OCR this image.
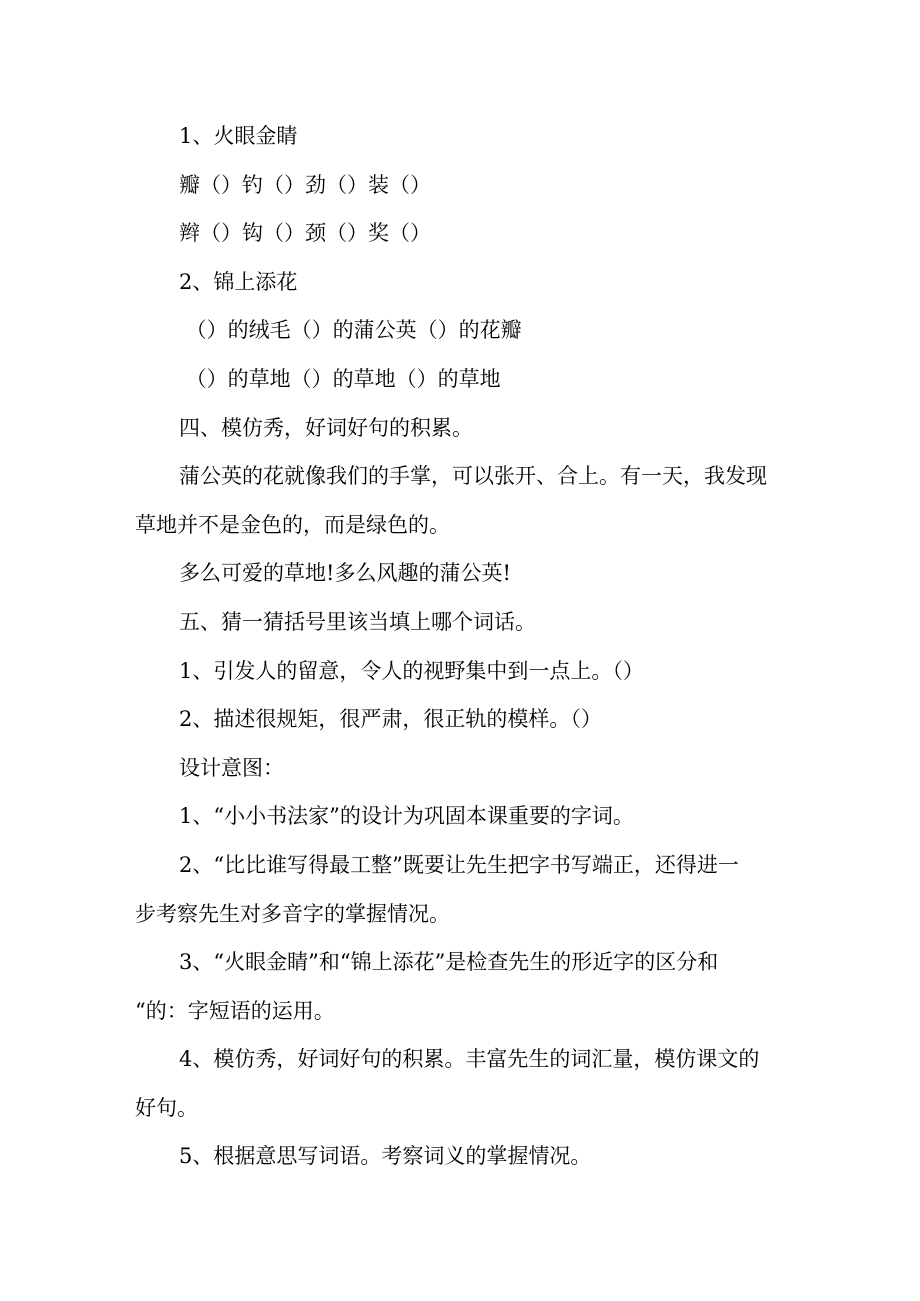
1、火眼金睛
瓣（）钓（）劲（）装（）
辫（）钩（）颈（）奖（）
2、锦上添花
（）的绒毛（）的蒲公英（）的花瓣
（）的草地（）的草地（）的草地
四、模仿秀，好词好句的积累。
蒲公英的花就像我们的手掌，可以张开、合上。有一天，我发现
草地并不是金色的，而是绿色的。
多么可爱的草地!多么风趣的蒲公英!
五、猜一猜括号里该当填上哪个词话。
1、引发人的留意，令人的视野集中到一点上。（）
2、描述很规矩，很严肃，很正轨的模样。（）
设计意图：
1、“小小书法家”的设计为巩固本课重要的字词。
2、“比比谁写得最工整”既要让先生把字书写端正，还得进一
步考察先生对多音字的掌握情况。
3、“火眼金睛”和“锦上添花”是检查先生的形近字的区分和
“的：字短语的运用。
4、模仿秀，好词好句的积累。丰富先生的词汇量，模仿课文的
好句。
5、根据意思写词语。考察词义的掌握情况。
